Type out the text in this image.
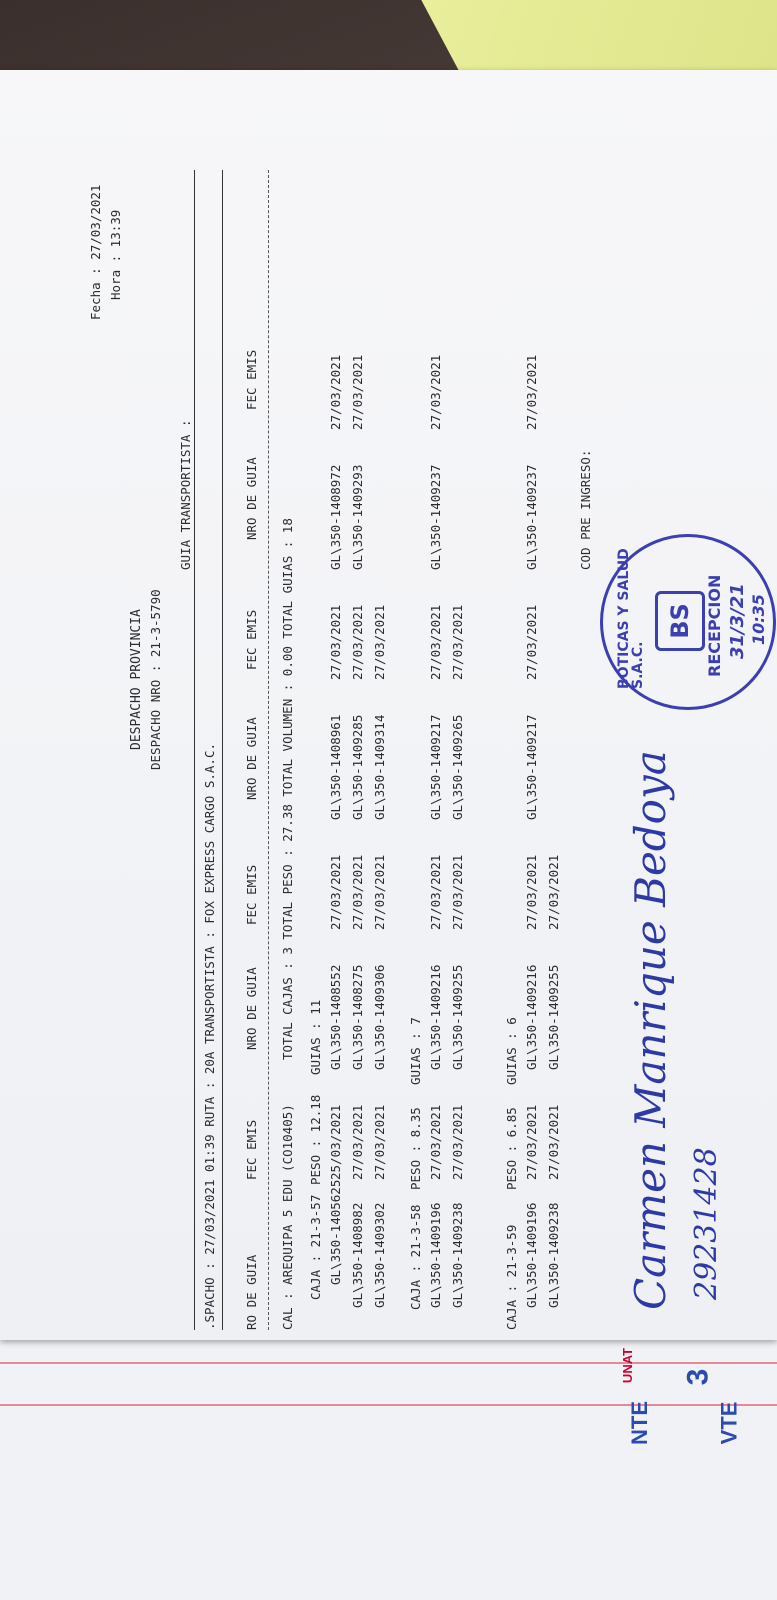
3
VTE
NTE
UNAT
DESPACHO PROVINCIA DESPACHO NRO : 21-3-5790
Fecha : 27/03/2021 Hora : 13:39
GUIA TRANSPORTISTA :
.SPACHO : 27/03/2021 01:39 RUTA : 20A TRANSPORTISTA : FOX EXPRESS CARGO S.A.C. RO DE GUIA
FEC EMIS
NRO DE GUIA
FEC EMIS
NRO DE GUIA
FEC EMIS
NRO DE GUIA
FEC EMIS
CAL : AREQUIPA 5 EDU (CO10405)
TOTAL CAJAS : 3 TOTAL PESO : 27.38 TOTAL VOLUMEN : 0.00 TOTAL GUIAS : 18
CAJA : 21-3-57
PESO : 12.18
GUIAS : 11
GL\350-1405625
25/03/2021
GL\350-1408552
27/03/2021
GL\350-1408961
27/03/2021
GL\350-1408972
27/03/2021
GL\350-1408982
27/03/2021
GL\350-1408275
27/03/2021
GL\350-1409285
27/03/2021
GL\350-1409293
27/03/2021
GL\350-1409302
27/03/2021
GL\350-1409306
27/03/2021
GL\350-1409314
27/03/2021
CAJA : 21-3-58
PESO : 8.35
GUIAS : 7
GL\350-1409196
27/03/2021
GL\350-1409216
27/03/2021
GL\350-1409217
27/03/2021
GL\350-1409237
27/03/2021
GL\350-1409238
27/03/2021
GL\350-1409255
27/03/2021
GL\350-1409265
27/03/2021
CAJA : 21-3-59
PESO : 6.85
GUIAS : 6
GL\350-1409196
27/03/2021
GL\350-1409216
27/03/2021
GL\350-1409217
27/03/2021
GL\350-1409237
27/03/2021
GL\350-1409238
27/03/2021
GL\350-1409255
27/03/2021
COD PRE INGRESO:
Carmen Manrique Bedoya 29231428
BOTICAS Y SALUD S.A.C.
BS RECEPCION 31/3/21 10:35
